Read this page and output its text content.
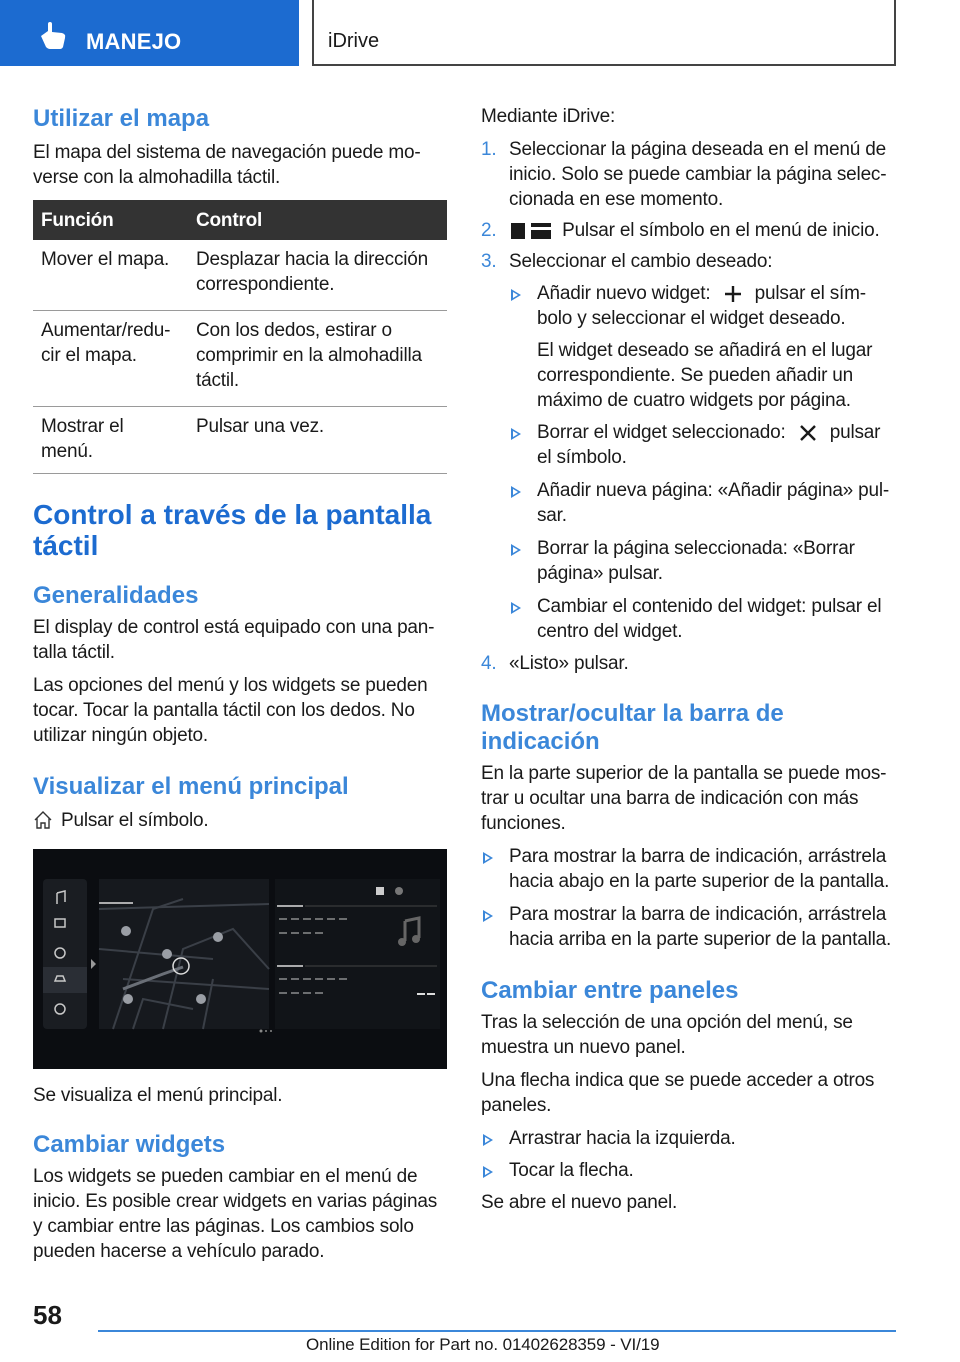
MANEJO	iDrive
Utilizar el mapa

El mapa del sistema de navegación puede mo-verse con la almohadilla táctil.

Función	Control
Mover el mapa.	Desplazar hacia la dirección correspondiente.
Aumentar/redu-cir el mapa.	Con los dedos, estirar o comprimir en la almohadilla táctil.
Mostrar el menú.	Pulsar una vez.
Control a través de la pantalla táctil
Generalidades

El display de control está equipado con una pan-talla táctil.

Las opciones del menú y los widgets se pueden tocar. Tocar la pantalla táctil con los dedos. No utilizar ningún objeto.

Visualizar el menú principal

Pulsar el símbolo.

Se visualiza el menú principal.

Cambiar widgets

Los widgets se pueden cambiar en el menú de inicio. Es posible crear widgets en varias páginas y cambiar entre las páginas. Los cambios solo pueden hacerse a vehículo parado.

Mediante iDrive:

1. Seleccionar la página deseada en el menú de inicio. Solo se puede cambiar la página selec-cionada en ese momento.
2.	Pulsar el símbolo en el menú de inicio.
3. Seleccionar el cambio deseado:
Añadir nuevo widget: pulsar el sím-bolo y seleccionar el widget deseado.

El widget deseado se añadirá en el lugar correspondiente. Se pueden añadir un máximo de cuatro widgets por página.

Borrar el widget seleccionado: pulsar el símbolo.
Añadir nueva página: «Añadir página» pul-sar.
Borrar la página seleccionada: «Borrar página» pulsar.
Cambiar el contenido del widget: pulsar el centro del widget.
4. «Listo» pulsar.
Mostrar/ocultar la barra de indicación

En la parte superior de la pantalla se puede mos-trar u ocultar una barra de indicación con más funciones.

Para mostrar la barra de indicación, arrástrela hacia abajo en la parte superior de la pantalla.
Para mostrar la barra de indicación, arrástrela hacia arriba en la parte superior de la pantalla.
Cambiar entre paneles

Tras la selección de una opción del menú, se muestra un nuevo panel.

Una flecha indica que se puede acceder a otros paneles.

Arrastrar hacia la izquierda.
Tocar la flecha.

Se abre el nuevo panel.

58
Online Edition for Part no. 01402628359 - VI/19
